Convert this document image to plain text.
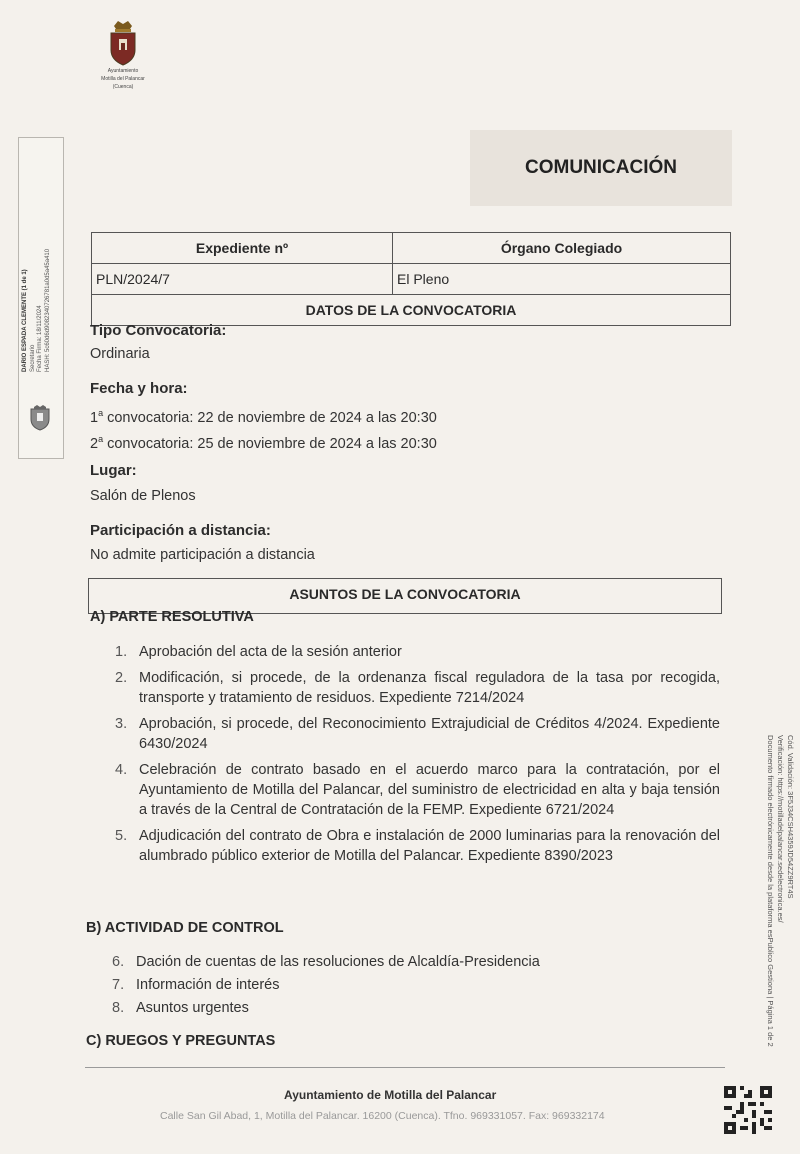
Ayuntamiento
Motilla del Palancar
(Cuenca)
DARIO ESPADA CLEMENTE (1 de 1) Secretario Fecha Firma: 18/11/2024 HASH: 5c60d6d9082340726781a0d5a45a410
COMUNICACIÓN
Expediente nº	Órgano Colegiado
PLN/2024/7	El Pleno
DATOS DE LA CONVOCATORIA	
Tipo Convocatoria:
Ordinaria
Fecha y hora:
1$^a$ convocatoria: 22 de noviembre de 2024 a las 20:30
2$^a$ convocatoria: 25 de noviembre de 2024 a las 20:30
Lugar:
Salón de Plenos
Participación a distancia:
No admite participación a distancia
ASUNTOS DE LA CONVOCATORIA
A) PARTE RESOLUTIVA
1. Aprobación del acta de la sesión anterior
2. Modificación, si procede, de la ordenanza fiscal reguladora de la tasa por recogida, transporte y tratamiento de residuos. Expediente 7214/2024
3. Aprobación, si procede, del Reconocimiento Extrajudicial de Créditos 4/2024. Expediente 6430/2024
4. Celebración de contrato basado en el acuerdo marco para la contratación, por el Ayuntamiento de Motilla del Palancar, del suministro de electricidad en alta y baja tensión a través de la Central de Contratación de la FEMP. Expediente 6721/2024
5. Adjudicación del contrato de Obra e instalación de 2000 luminarias para la renovación del alumbrado público exterior de Motilla del Palancar. Expediente 8390/2023
B) ACTIVIDAD DE CONTROL
6. Dación de cuentas de las resoluciones de Alcaldía-Presidencia
7. Información de interés
8. Asuntos urgentes
C) RUEGOS Y PREGUNTAS
Ayuntamiento de Motilla del Palancar
Calle San Gil Abad, 1, Motilla del Palancar. 16200 (Cuenca). Tfno. 969331057. Fax: 969332174
Cód. Validación: 3F5J34CSH4359JD54ZZ9RT4S
Verificación: https://motilladelpalancar.sedelectronica.es/
Documento firmado electrónicamente desde la plataforma esPublico Gestiona | Página 1 de 2
